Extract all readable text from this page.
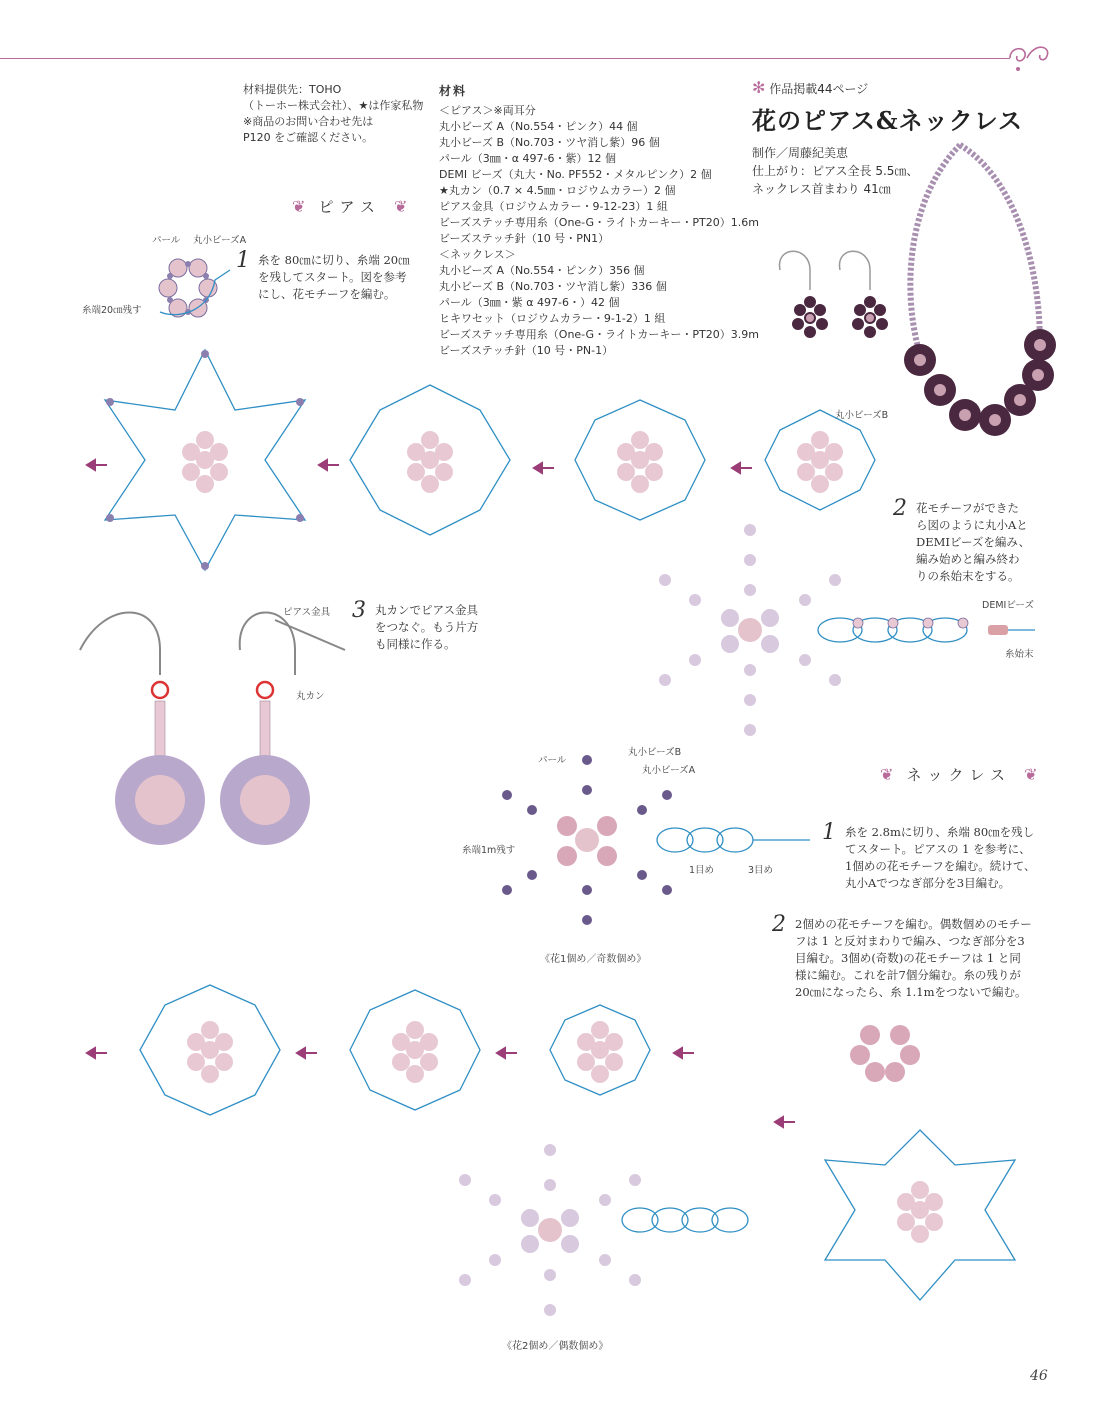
材料提供先：TOHO
（トーホー株式会社）、★は作家私物
※商品のお問い合わせ先は
P120 をご確認ください。
材料
＜ピアス＞※両耳分
丸小ビーズ A（No.554・ピンク）44 個
丸小ビーズ B（No.703・ツヤ消し紫）96 個
パール（3㎜・α 497-6・紫）12 個
DEMI ビーズ（丸大・No. PF552・メタルピンク）2 個
★丸カン（0.7 × 4.5㎜・ロジウムカラー）2 個
ピアス金具（ロジウムカラー・9-12-23）1 組
ビーズステッチ専用糸（One-G・ライトカーキー・PT20）1.6m
ビーズステッチ針（10 号・PN1）
＜ネックレス＞
丸小ビーズ A（No.554・ピンク）356 個
丸小ビーズ B（No.703・ツヤ消し紫）336 個
パール（3㎜・紫 α 497-6・）42 個
ヒキワセット（ロジウムカラー・9-1-2）1 組
ビーズステッチ専用糸（One-G・ライトカーキー・PT20）3.9m
ビーズステッチ針（10 号・PN-1）
✻ 作品掲載44ページ
花のピアス&ネックレス
制作／周藤紀美恵
仕上がり：ピアス全長 5.5㎝、
ネックレス首まわり 41㎝
❦ ピアス ❦
パール 丸小ビーズA
糸端20㎝残す
1 糸を 80㎝に切り、糸端 20㎝
を残してスタート。図を参考
にし、花モチーフを編む。
丸小ビーズB
2 花モチーフができた
ら図のように丸小Aと
DEMIビーズを編み、
編み始めと編み終わ
りの糸始末をする。
DEMIビーズ
糸始末
3 丸カンでピアス金具
をつなぐ。もう片方
も同様に作る。
ピアス金具
丸カン
❦ ネックレス ❦
パール
丸小ビーズB
丸小ビーズA
糸端1m残す
1目め	3目め
《花1個め／奇数個め》
1 糸を 2.8mに切り、糸端 80㎝を残し
てスタート。ピアスの 1 を参考に、
1個めの花モチーフを編む。続けて、
丸小Aでつなぎ部分を3目編む。
2 2個めの花モチーフを編む。偶数個めのモチー
フは 1 と反対まわりで編み、つなぎ部分を3
目編む。3個め(奇数)の花モチーフは 1 と同
様に編む。これを計7個分編む。糸の残りが
20㎝になったら、糸 1.1mをつないで編む。
《花2個め／偶数個め》
46
